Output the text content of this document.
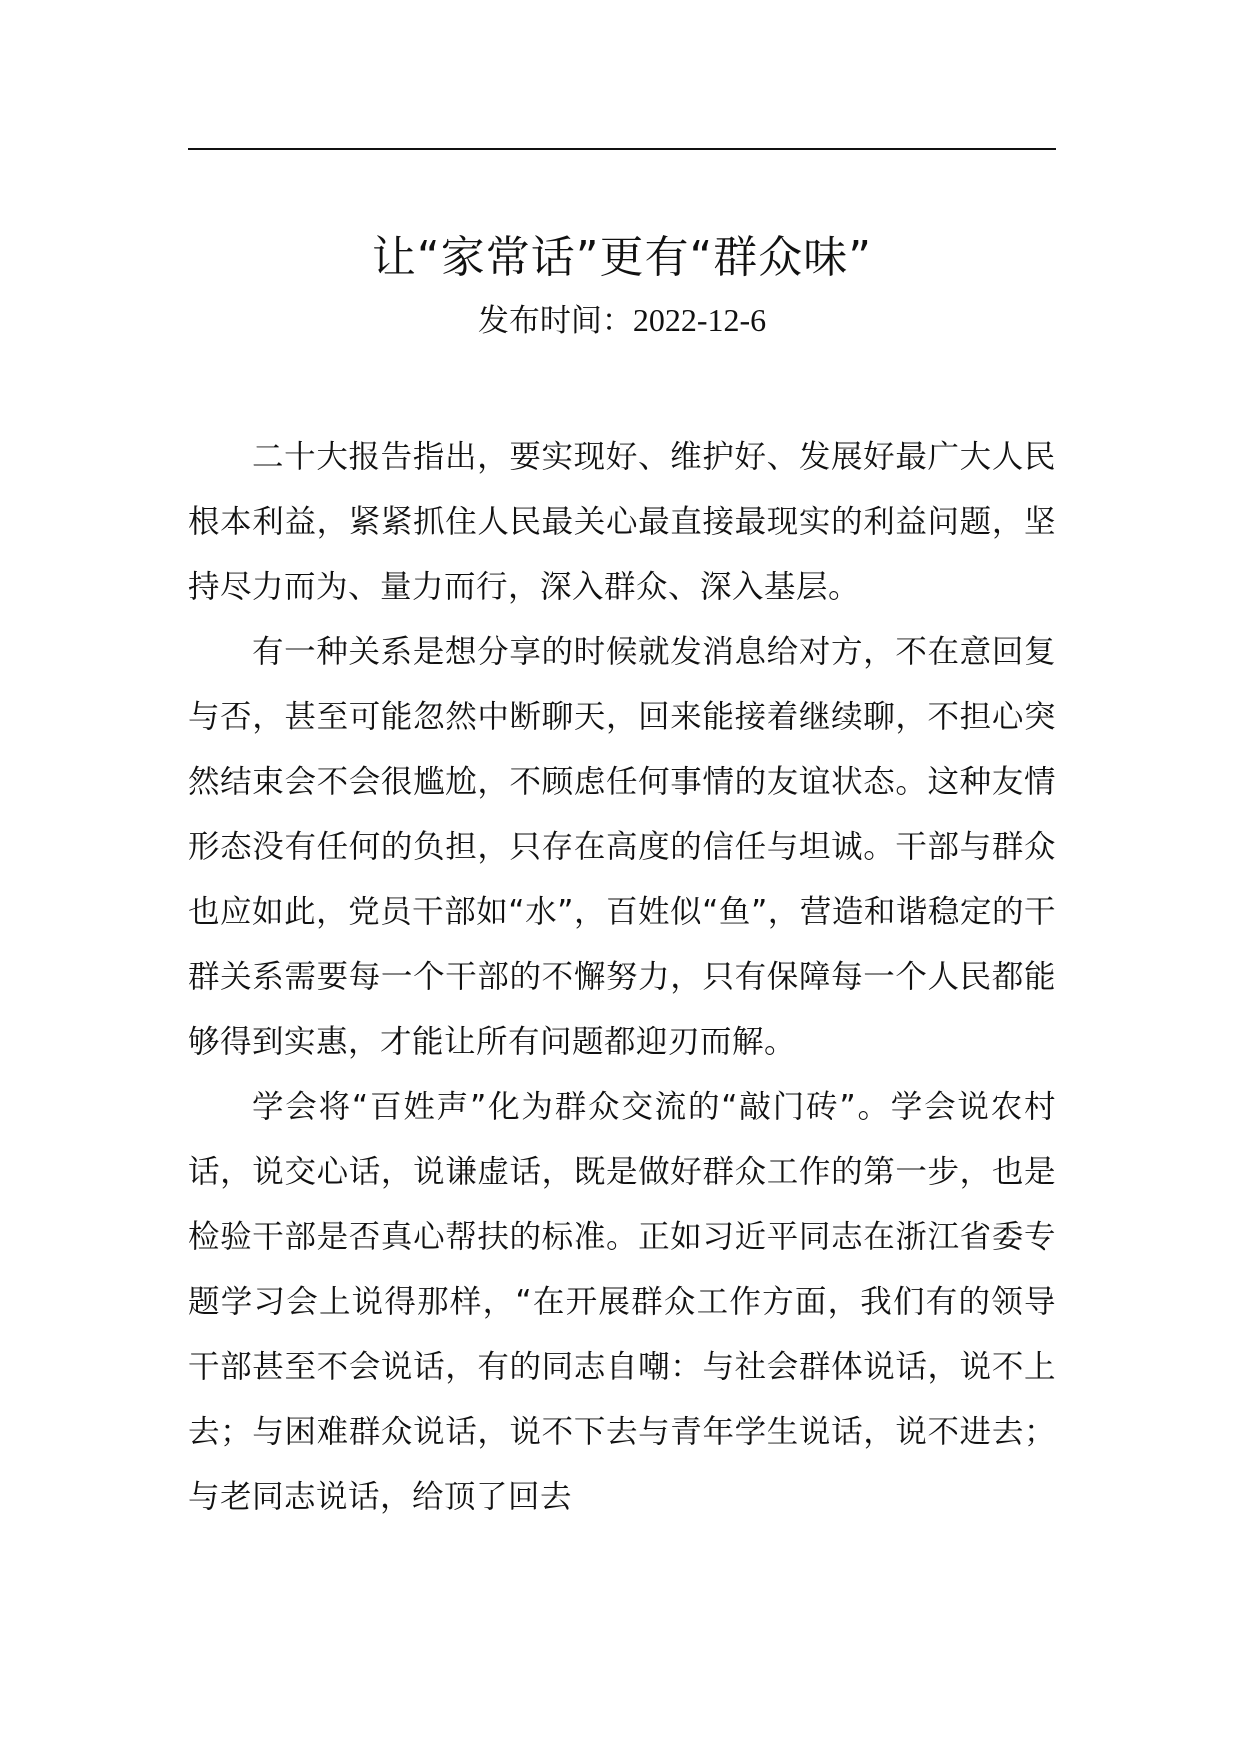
让“家常话”更有“群众味”
发布时间：2022-12-6

二十大报告指出，要实现好、维护好、发展好最广大人民根本利益，紧紧抓住人民最关心最直接最现实的利益问题，坚持尽力而为、量力而行，深入群众、深入基层。

有一种关系是想分享的时候就发消息给对方，不在意回复与否，甚至可能忽然中断聊天，回来能接着继续聊，不担心突然结束会不会很尴尬，不顾虑任何事情的友谊状态。这种友情形态没有任何的负担，只存在高度的信任与坦诚。干部与群众也应如此，党员干部如“水”，百姓似“鱼”，营造和谐稳定的干群关系需要每一个干部的不懈努力，只有保障每一个人民都能够得到实惠，才能让所有问题都迎刃而解。

学会将“百姓声”化为群众交流的“敲门砖”。学会说农村话，说交心话，说谦虚话，既是做好群众工作的第一步，也是检验干部是否真心帮扶的标准。正如习近平同志在浙江省委专题学习会上说得那样，“在开展群众工作方面，我们有的领导干部甚至不会说话，有的同志自嘲：与社会群体说话，说不上去；与困难群众说话，说不下去与青年学生说话，说不进去；与老同志说话，给顶了回去
